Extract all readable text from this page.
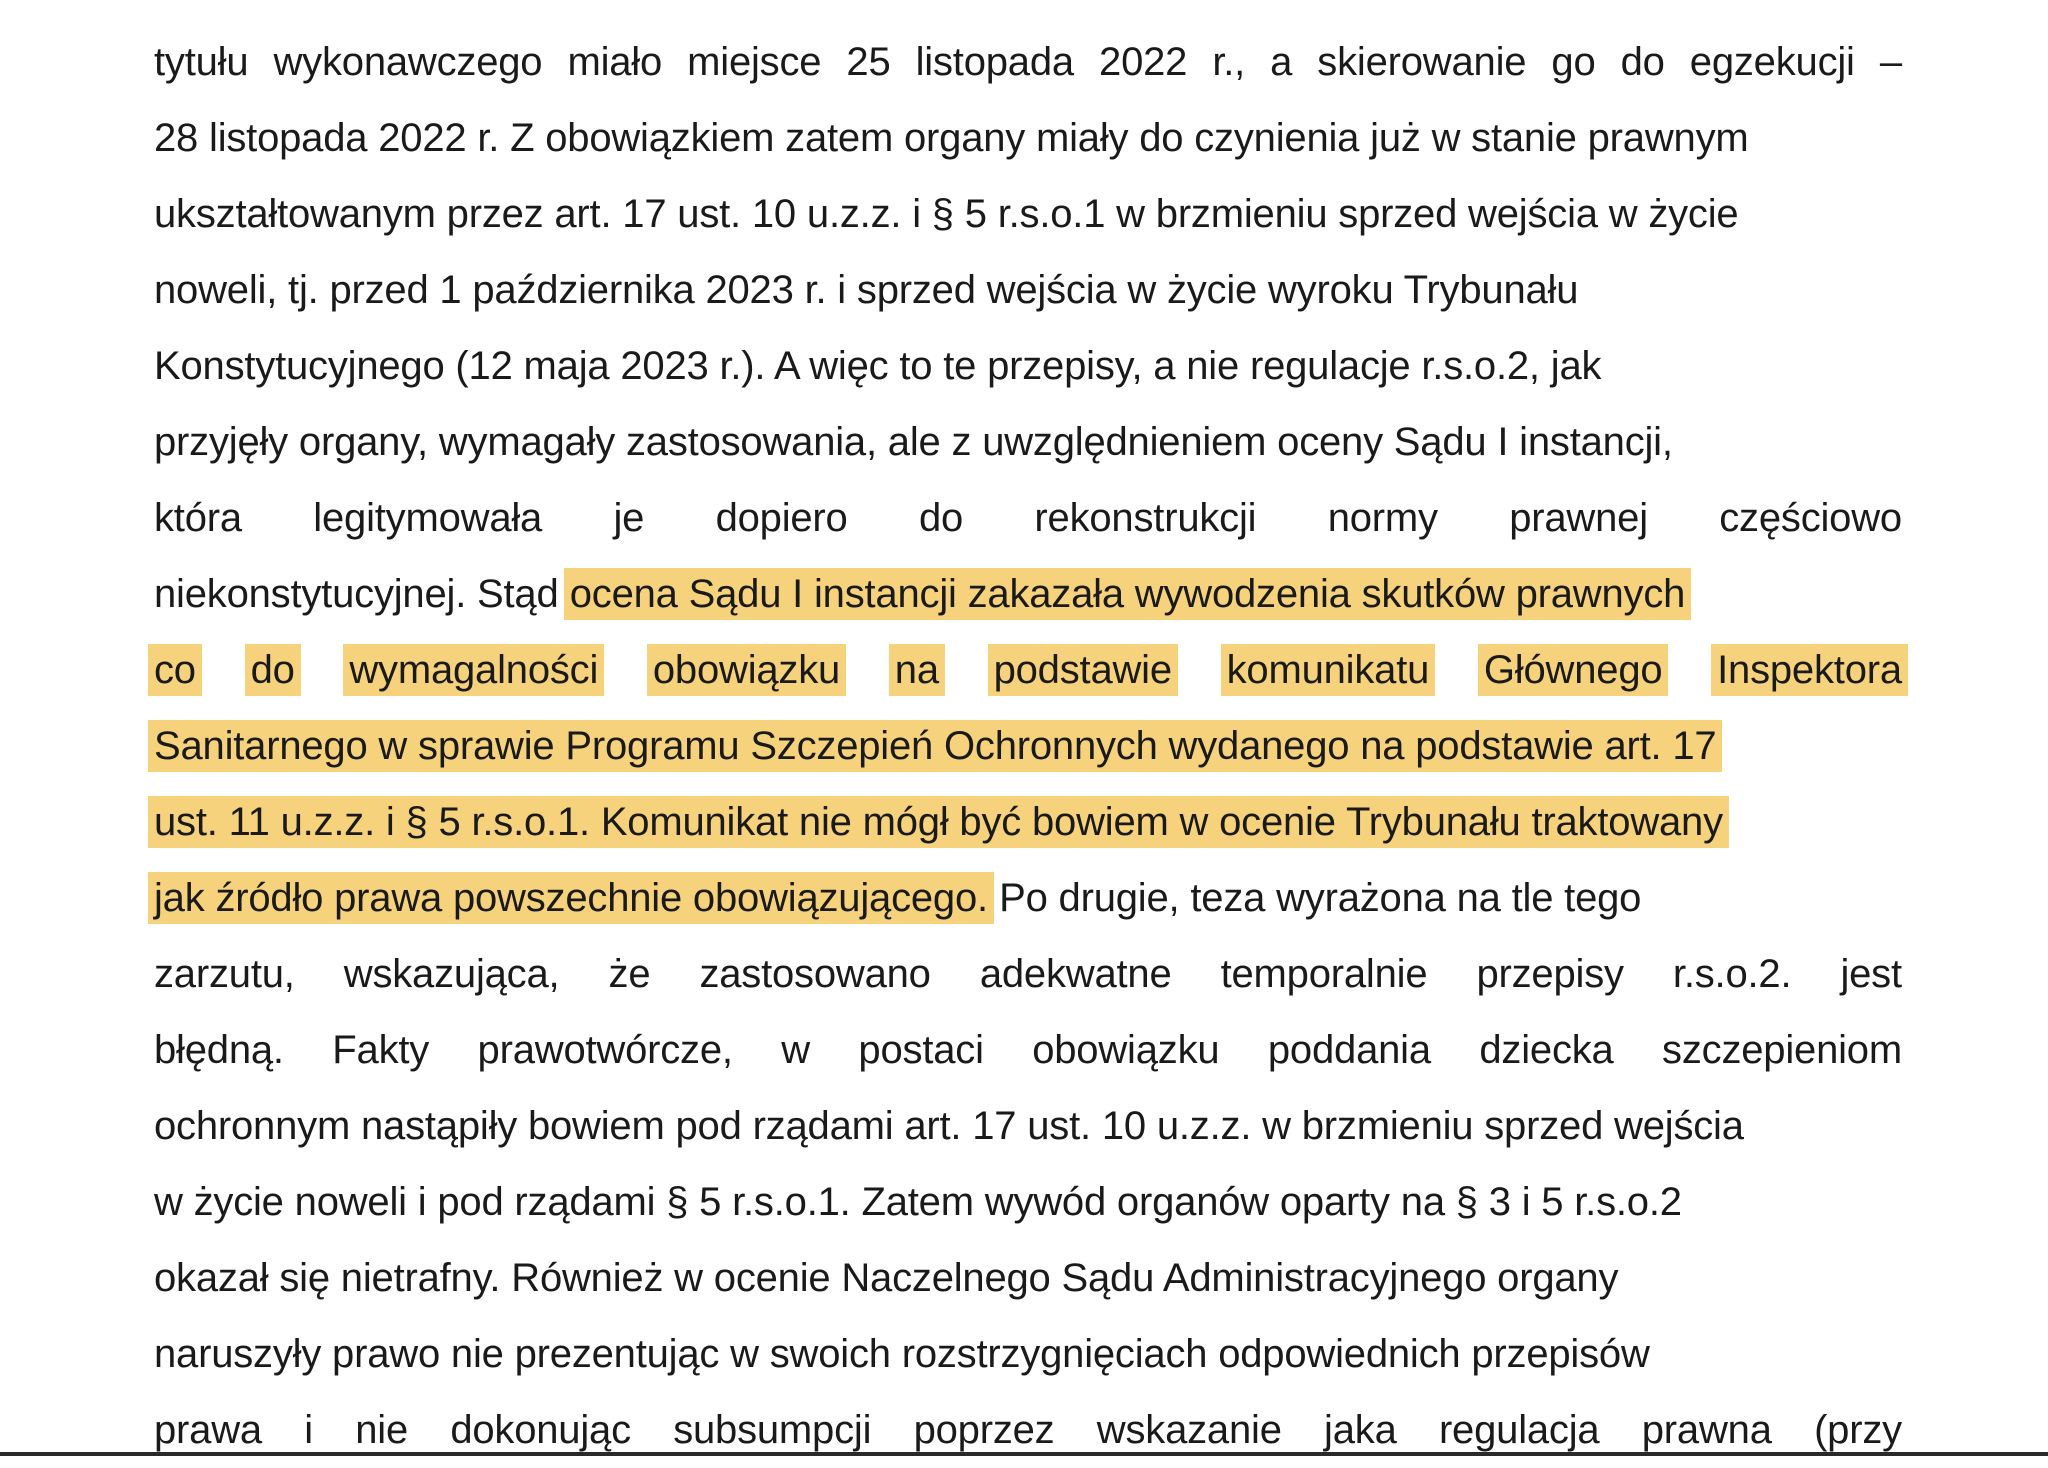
tytułu wykonawczego miało miejsce 25 listopada 2022 r., a skierowanie go do egzekucji –
28 listopada 2022 r. Z obowiązkiem zatem organy miały do czynienia już w stanie prawnym
ukształtowanym przez art. 17 ust. 10 u.z.z. i § 5 r.s.o.1 w brzmieniu sprzed wejścia w życie
noweli, tj. przed 1 października 2023 r. i sprzed wejścia w życie wyroku Trybunału
Konstytucyjnego (12 maja 2023 r.). A więc to te przepisy, a nie regulacje r.s.o.2, jak
przyjęły organy, wymagały zastosowania, ale z uwzględnieniem oceny Sądu I instancji,
która legitymowała je dopiero do rekonstrukcji normy prawnej częściowo
niekonstytucyjnej. Stąd ocena Sądu I instancji zakazała wywodzenia skutków prawnych
co do wymagalności obowiązku na podstawie komunikatu Głównego Inspektora
Sanitarnego w sprawie Programu Szczepień Ochronnych wydanego na podstawie art. 17
ust. 11 u.z.z. i § 5 r.s.o.1. Komunikat nie mógł być bowiem w ocenie Trybunału traktowany
jak źródło prawa powszechnie obowiązującego. Po drugie, teza wyrażona na tle tego
zarzutu, wskazująca, że zastosowano adekwatne temporalnie przepisy r.s.o.2. jest
błędną. Fakty prawotwórcze, w postaci obowiązku poddania dziecka szczepieniom
ochronnym nastąpiły bowiem pod rządami art. 17 ust. 10 u.z.z. w brzmieniu sprzed wejścia
w życie noweli i pod rządami § 5 r.s.o.1. Zatem wywód organów oparty na § 3 i 5 r.s.o.2
okazał się nietrafny. Również w ocenie Naczelnego Sądu Administracyjnego organy
naruszyły prawo nie prezentując w swoich rozstrzygnięciach odpowiednich przepisów
prawa i nie dokonując subsumpcji poprzez wskazanie jaka regulacja prawna (przy
